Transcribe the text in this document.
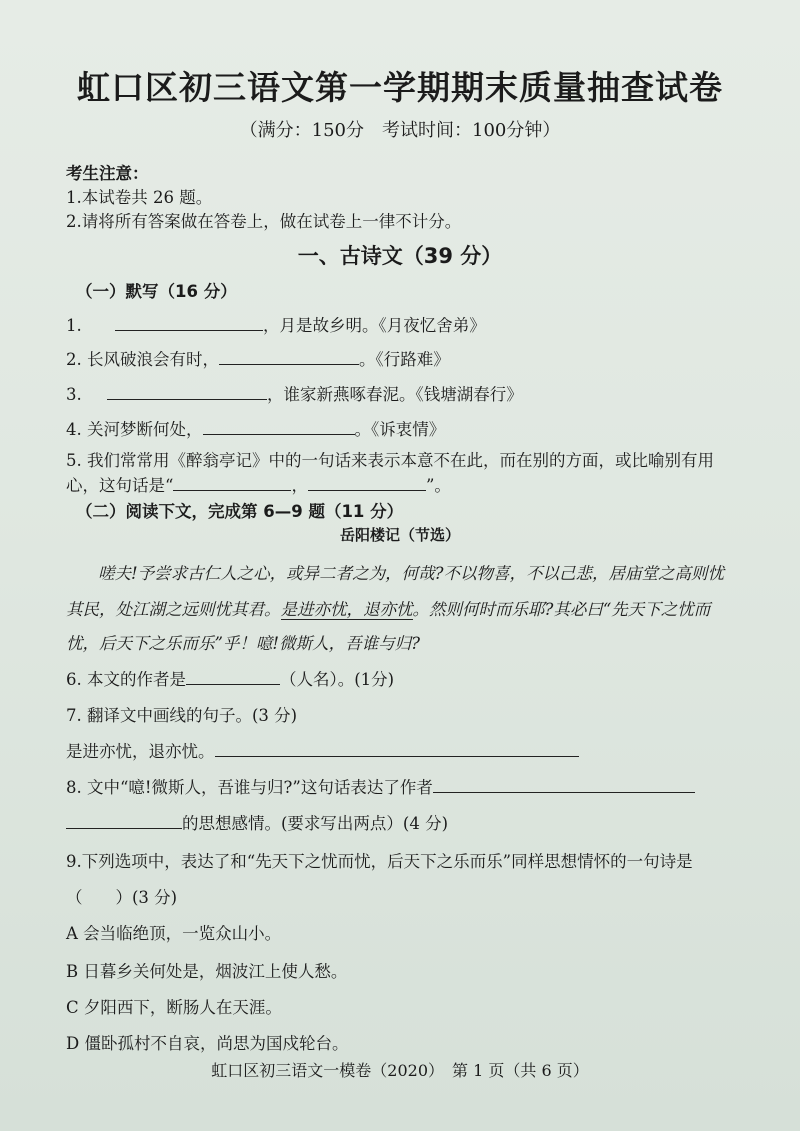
虹口区初三语文第一学期期末质量抽查试卷
（满分：150分　考试时间：100分钟）
考生注意：
1.本试卷共 26 题。
2.请将所有答案做在答卷上，做在试卷上一律不计分。
一、古诗文（39 分）
（一）默写（16 分）
1.	，月是故乡明。《月夜忆舍弟》
2. 长风破浪会有时，	。《行路难》
3.	，谁家新燕啄春泥。《钱塘湖春行》
4. 关河梦断何处，	。《诉衷情》
5. 我们常常用《醉翁亭记》中的一句话来表示本意不在此，而在别的方面，或比喻别有用
心，这句话是“	，	”。
（二）阅读下文，完成第 6—9 题（11 分）
岳阳楼记（节选）
嗟夫!予尝求古仁人之心，或异二者之为，何哉?不以物喜，不以己悲，居庙堂之高则忧
其民，处江湖之远则忧其君。是进亦忧，退亦忧。然则何时而乐耶?其必曰“先天下之忧而
忧，后天下之乐而乐”乎！噫!微斯人，吾谁与归?
6. 本文的作者是	（人名）。(1分)
7. 翻译文中画线的句子。(3 分)
是进亦忧，退亦忧。
8. 文中“噫!微斯人，吾谁与归?”这句话表达了作者
的思想感情。(要求写出两点）(4 分)
9.下列选项中，表达了和“先天下之忧而忧，后天下之乐而乐”同样思想情怀的一句诗是
（　　）(3 分)
A 会当临绝顶，一览众山小。
B 日暮乡关何处是，烟波江上使人愁。
C 夕阳西下，断肠人在天涯。
D 僵卧孤村不自哀，尚思为国戍轮台。
虹口区初三语文一模卷（2020）　第 1 页（共 6 页）
